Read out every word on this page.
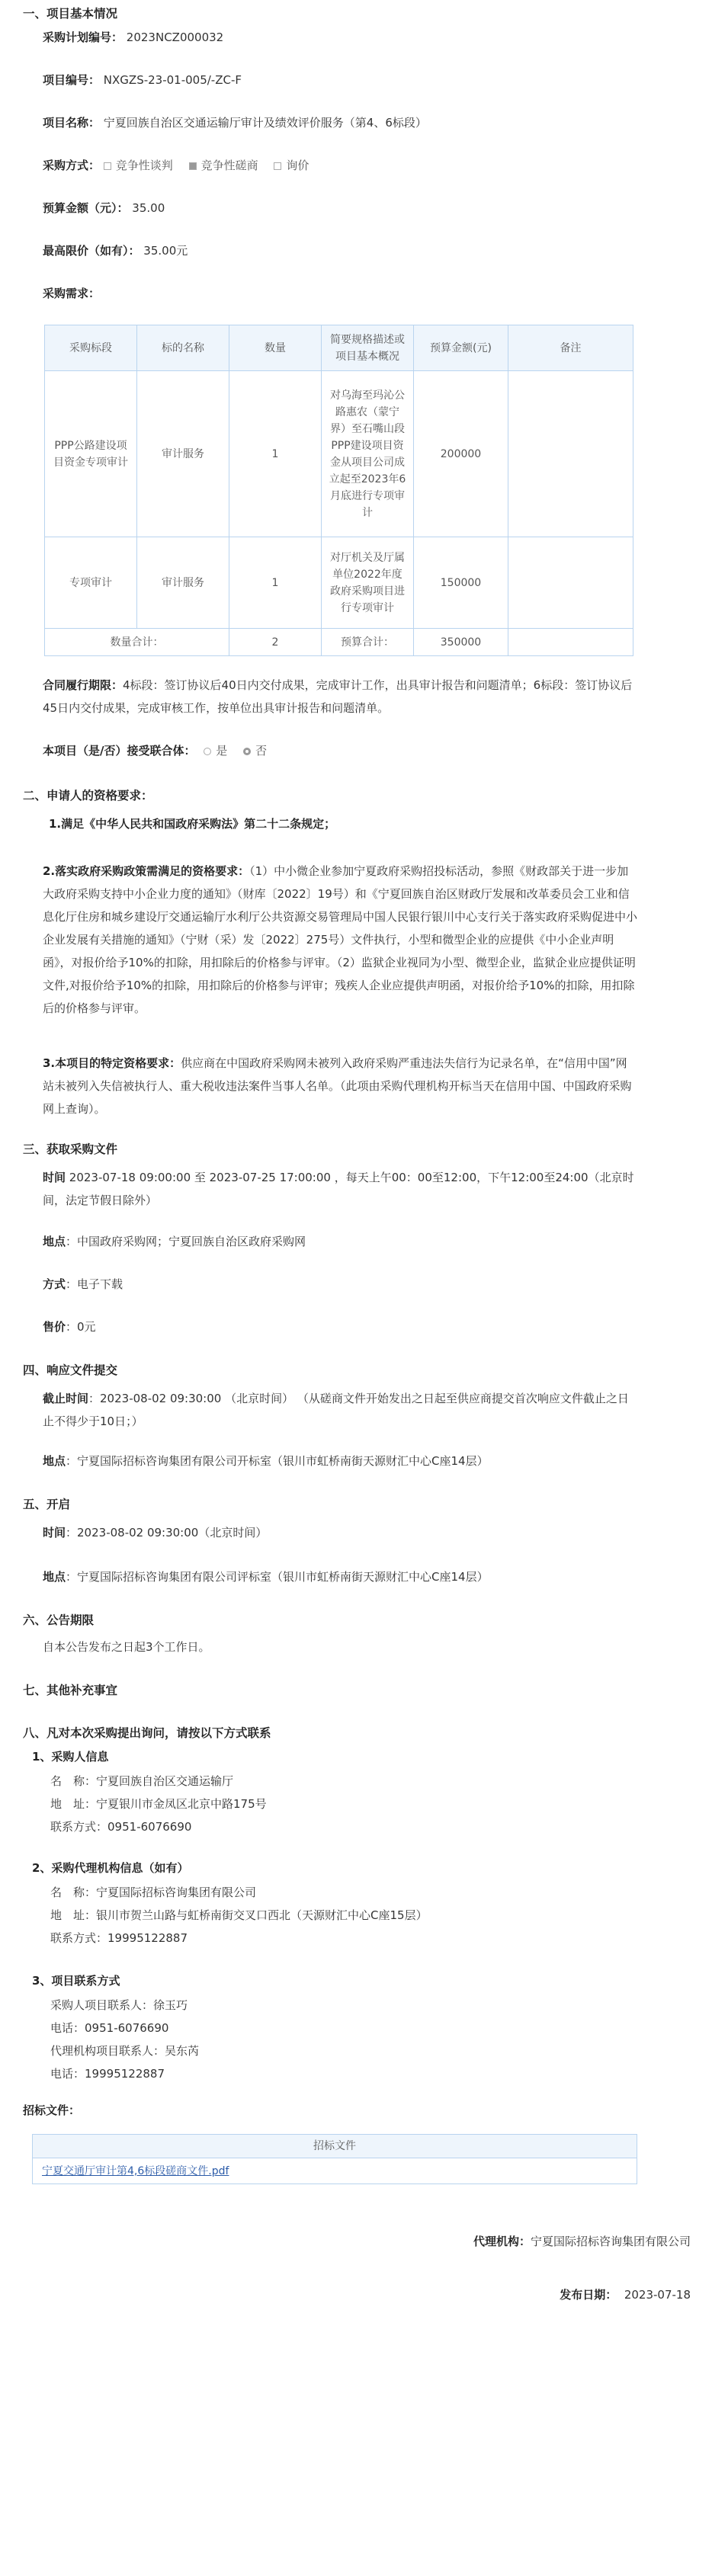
一、项目基本情况
采购计划编号： 2023NCZ000032
项目编号： NXGZS-23-01-005/-ZC-F
项目名称： 宁夏回族自治区交通运输厅审计及绩效评价服务（第4、6标段）
采购方式： 竞争性谈判 竞争性磋商 询价
预算金额（元）： 35.00
最高限价（如有）： 35.00元
采购需求：
采购标段	标的名称	数量	简要规格描述或项目基本概况	预算金额(元)	备注
PPP公路建设项目资金专项审计	审计服务	1	对乌海至玛沁公路惠农（蒙宁界）至石嘴山段PPP建设项目资金从项目公司成立起至2023年6月底进行专项审计	200000	
专项审计	审计服务	1	对厅机关及厅属单位2022年度政府采购项目进行专项审计	150000	
数量合计：		2	预算合计：	350000	
合同履行期限：4标段：签订协议后40日内交付成果，完成审计工作，出具审计报告和问题清单；6标段：签订协议后45日内交付成果，完成审核工作，按单位出具审计报告和问题清单。
本项目（是/否）接受联合体： 是 否
二、申请人的资格要求：
1.满足《中华人民共和国政府采购法》第二十二条规定；
2.落实政府采购政策需满足的资格要求：（1）中小微企业参加宁夏政府采购招投标活动，参照《财政部关于进一步加大政府采购支持中小企业力度的通知》（财库〔2022〕19号）和《宁夏回族自治区财政厅发展和改革委员会工业和信息化厅住房和城乡建设厅交通运输厅水利厅公共资源交易管理局中国人民银行银川中心支行关于落实政府采购促进中小企业发展有关措施的通知》（宁财（采）发〔2022〕275号）文件执行，小型和微型企业的应提供《中小企业声明函》，对报价给予10%的扣除，用扣除后的价格参与评审。（2）监狱企业视同为小型、微型企业，监狱企业应提供证明文件,对报价给予10%的扣除，用扣除后的价格参与评审；残疾人企业应提供声明函，对报价给予10%的扣除，用扣除后的价格参与评审。
3.本项目的特定资格要求：供应商在中国政府采购网未被列入政府采购严重违法失信行为记录名单，在“信用中国”网站未被列入失信被执行人、重大税收违法案件当事人名单。（此项由采购代理机构开标当天在信用中国、中国政府采购网上查询）。
三、获取采购文件
时间 2023-07-18 09:00:00 至 2023-07-25 17:00:00 ，每天上午00：00至12:00，下午12:00至24:00（北京时间，法定节假日除外）
地点：中国政府采购网；宁夏回族自治区政府采购网
方式：电子下载
售价：0元
四、响应文件提交
截止时间：2023-08-02 09:30:00 （北京时间） （从磋商文件开始发出之日起至供应商提交首次响应文件截止之日止不得少于10日；）
地点：宁夏国际招标咨询集团有限公司开标室（银川市虹桥南街天源财汇中心C座14层）
五、开启
时间：2023-08-02 09:30:00（北京时间）
地点：宁夏国际招标咨询集团有限公司评标室（银川市虹桥南街天源财汇中心C座14层）
六、公告期限
自本公告发布之日起3个工作日。
七、其他补充事宜
八、凡对本次采购提出询问，请按以下方式联系
1、采购人信息
名　称：宁夏回族自治区交通运输厅
地　址：宁夏银川市金凤区北京中路175号
联系方式：0951-6076690
2、采购代理机构信息（如有）
名　称：宁夏国际招标咨询集团有限公司
地　址：银川市贺兰山路与虹桥南街交叉口西北（天源财汇中心C座15层）
联系方式：19995122887
3、项目联系方式
采购人项目联系人：徐玉巧
电话：0951-6076690
代理机构项目联系人：吴东芮
电话：19995122887
招标文件：
招标文件
宁夏交通厅审计第4,6标段磋商文件.pdf
代理机构：宁夏国际招标咨询集团有限公司
发布日期： 2023-07-18
